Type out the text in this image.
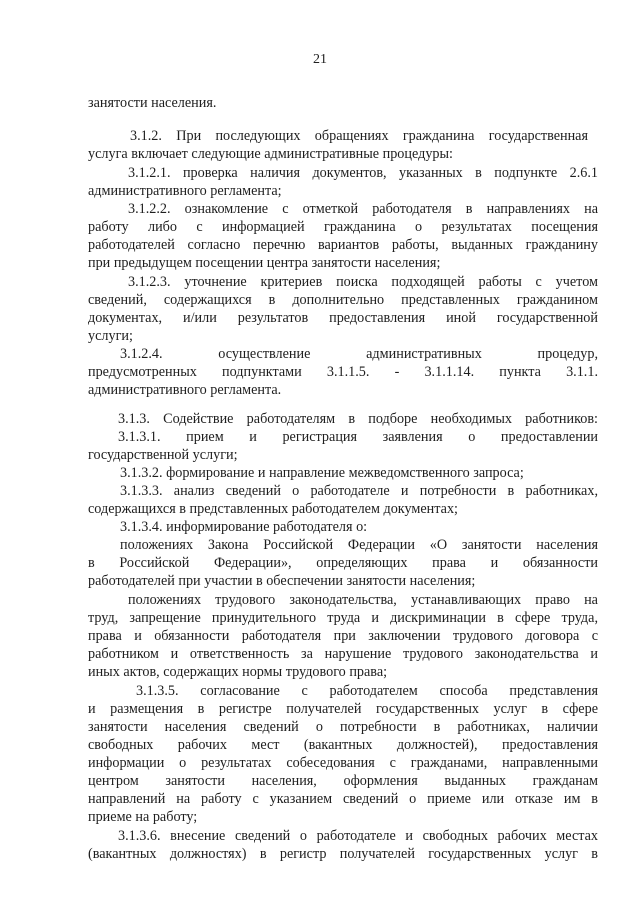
21
занятости населения.
3.1.2. При последующих обращениях гражданина государственная
услуга включает следующие административные процедуры:
3.1.2.1. проверка наличия документов, указанных в подпункте 2.6.1
административного регламента;
3.1.2.2. ознакомление с отметкой работодателя в направлениях на
работу либо с информацией гражданина о результатах посещения
работодателей согласно перечню вариантов работы, выданных гражданину
при предыдущем посещении центра занятости населения;
3.1.2.3. уточнение критериев поиска подходящей работы с учетом
сведений, содержащихся в дополнительно представленных гражданином
документах, и/или результатов предоставления иной государственной
услуги;
3.1.2.4. осуществление административных процедур,
предусмотренных подпунктами 3.1.1.5. - 3.1.1.14. пункта 3.1.1.
административного регламента.
3.1.3. Содействие работодателям в подборе необходимых работников:
3.1.3.1. прием и регистрация заявления о предоставлении
государственной услуги;
3.1.3.2. формирование и направление межведомственного запроса;
3.1.3.3. анализ сведений о работодателе и потребности в работниках,
содержащихся в представленных работодателем документах;
3.1.3.4. информирование работодателя о:
положениях Закона Российской Федерации «О занятости населения
в Российской Федерации», определяющих права и обязанности
работодателей при участии в обеспечении занятости населения;
положениях трудового законодательства, устанавливающих право на
труд, запрещение принудительного труда и дискриминации в сфере труда,
права и обязанности работодателя при заключении трудового договора с
работником и ответственность за нарушение трудового законодательства и
иных актов, содержащих нормы трудового права;
3.1.3.5. согласование с работодателем способа представления
и размещения в регистре получателей государственных услуг в сфере
занятости населения сведений о потребности в работниках, наличии
свободных рабочих мест (вакантных должностей), предоставления
информации о результатах собеседования с гражданами, направленными
центром занятости населения, оформления выданных гражданам
направлений на работу с указанием сведений о приеме или отказе им в
приеме на работу;
3.1.3.6. внесение сведений о работодателе и свободных рабочих местах
(вакантных должностях) в регистр получателей государственных услуг в
